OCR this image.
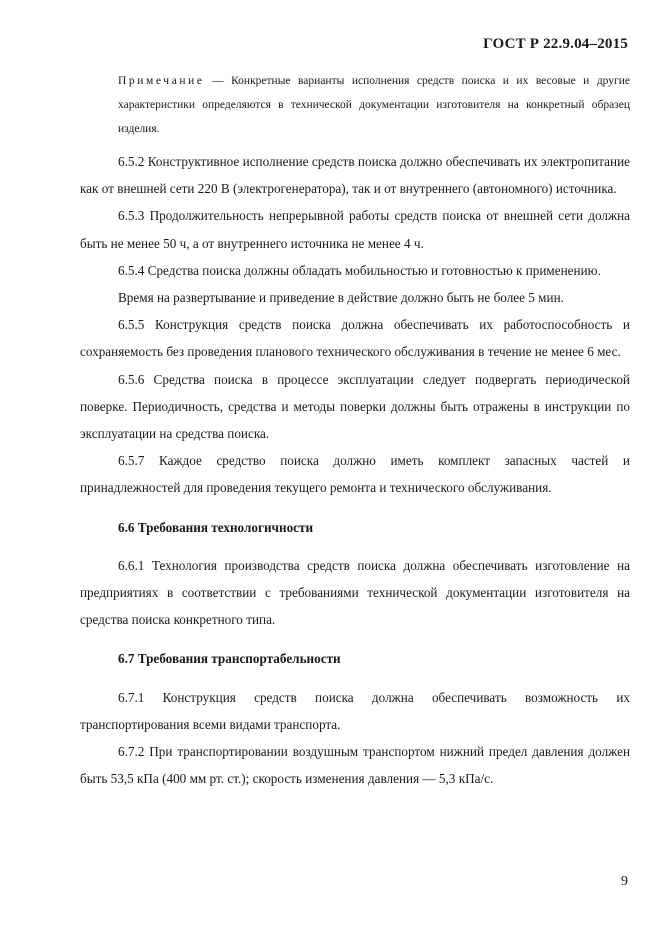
ГОСТ Р 22.9.04–2015
Примечание — Конкретные варианты исполнения средств поиска и их весовые и другие характеристики определяются в технической документации изготовителя на конкретный образец изделия.

6.5.2 Конструктивное исполнение средств поиска должно обеспечивать их электропитание как от внешней сети 220 В (электрогенератора), так и от внутреннего (автономного) источника.

6.5.3 Продолжительность непрерывной работы средств поиска от внешней сети должна быть не менее 50 ч, а от внутреннего источника не менее 4 ч.

6.5.4 Средства поиска должны обладать мобильностью и готовностью к применению.

Время на развертывание и приведение в действие должно быть не более 5 мин.

6.5.5 Конструкция средств поиска должна обеспечивать их работоспособность и сохраняемость без проведения планового технического обслуживания в течение не менее 6 мес.

6.5.6 Средства поиска в процессе эксплуатации следует подвергать периодической поверке. Периодичность, средства и методы поверки должны быть отражены в инструкции по эксплуатации на средства поиска.

6.5.7 Каждое средство поиска должно иметь комплект запасных частей и принадлежностей для проведения текущего ремонта и технического обслуживания.

6.6 Требования технологичности

6.6.1 Технология производства средств поиска должна обеспечивать изготовление на предприятиях в соответствии с требованиями технической документации изготовителя на средства поиска конкретного типа.

6.7 Требования транспортабельности

6.7.1 Конструкция средств поиска должна обеспечивать возможность их транспортирования всеми видами транспорта.

6.7.2 При транспортировании воздушным транспортом нижний предел давления должен быть 53,5 кПа (400 мм рт. ст.); скорость изменения давления — 5,3 кПа/с.

9
